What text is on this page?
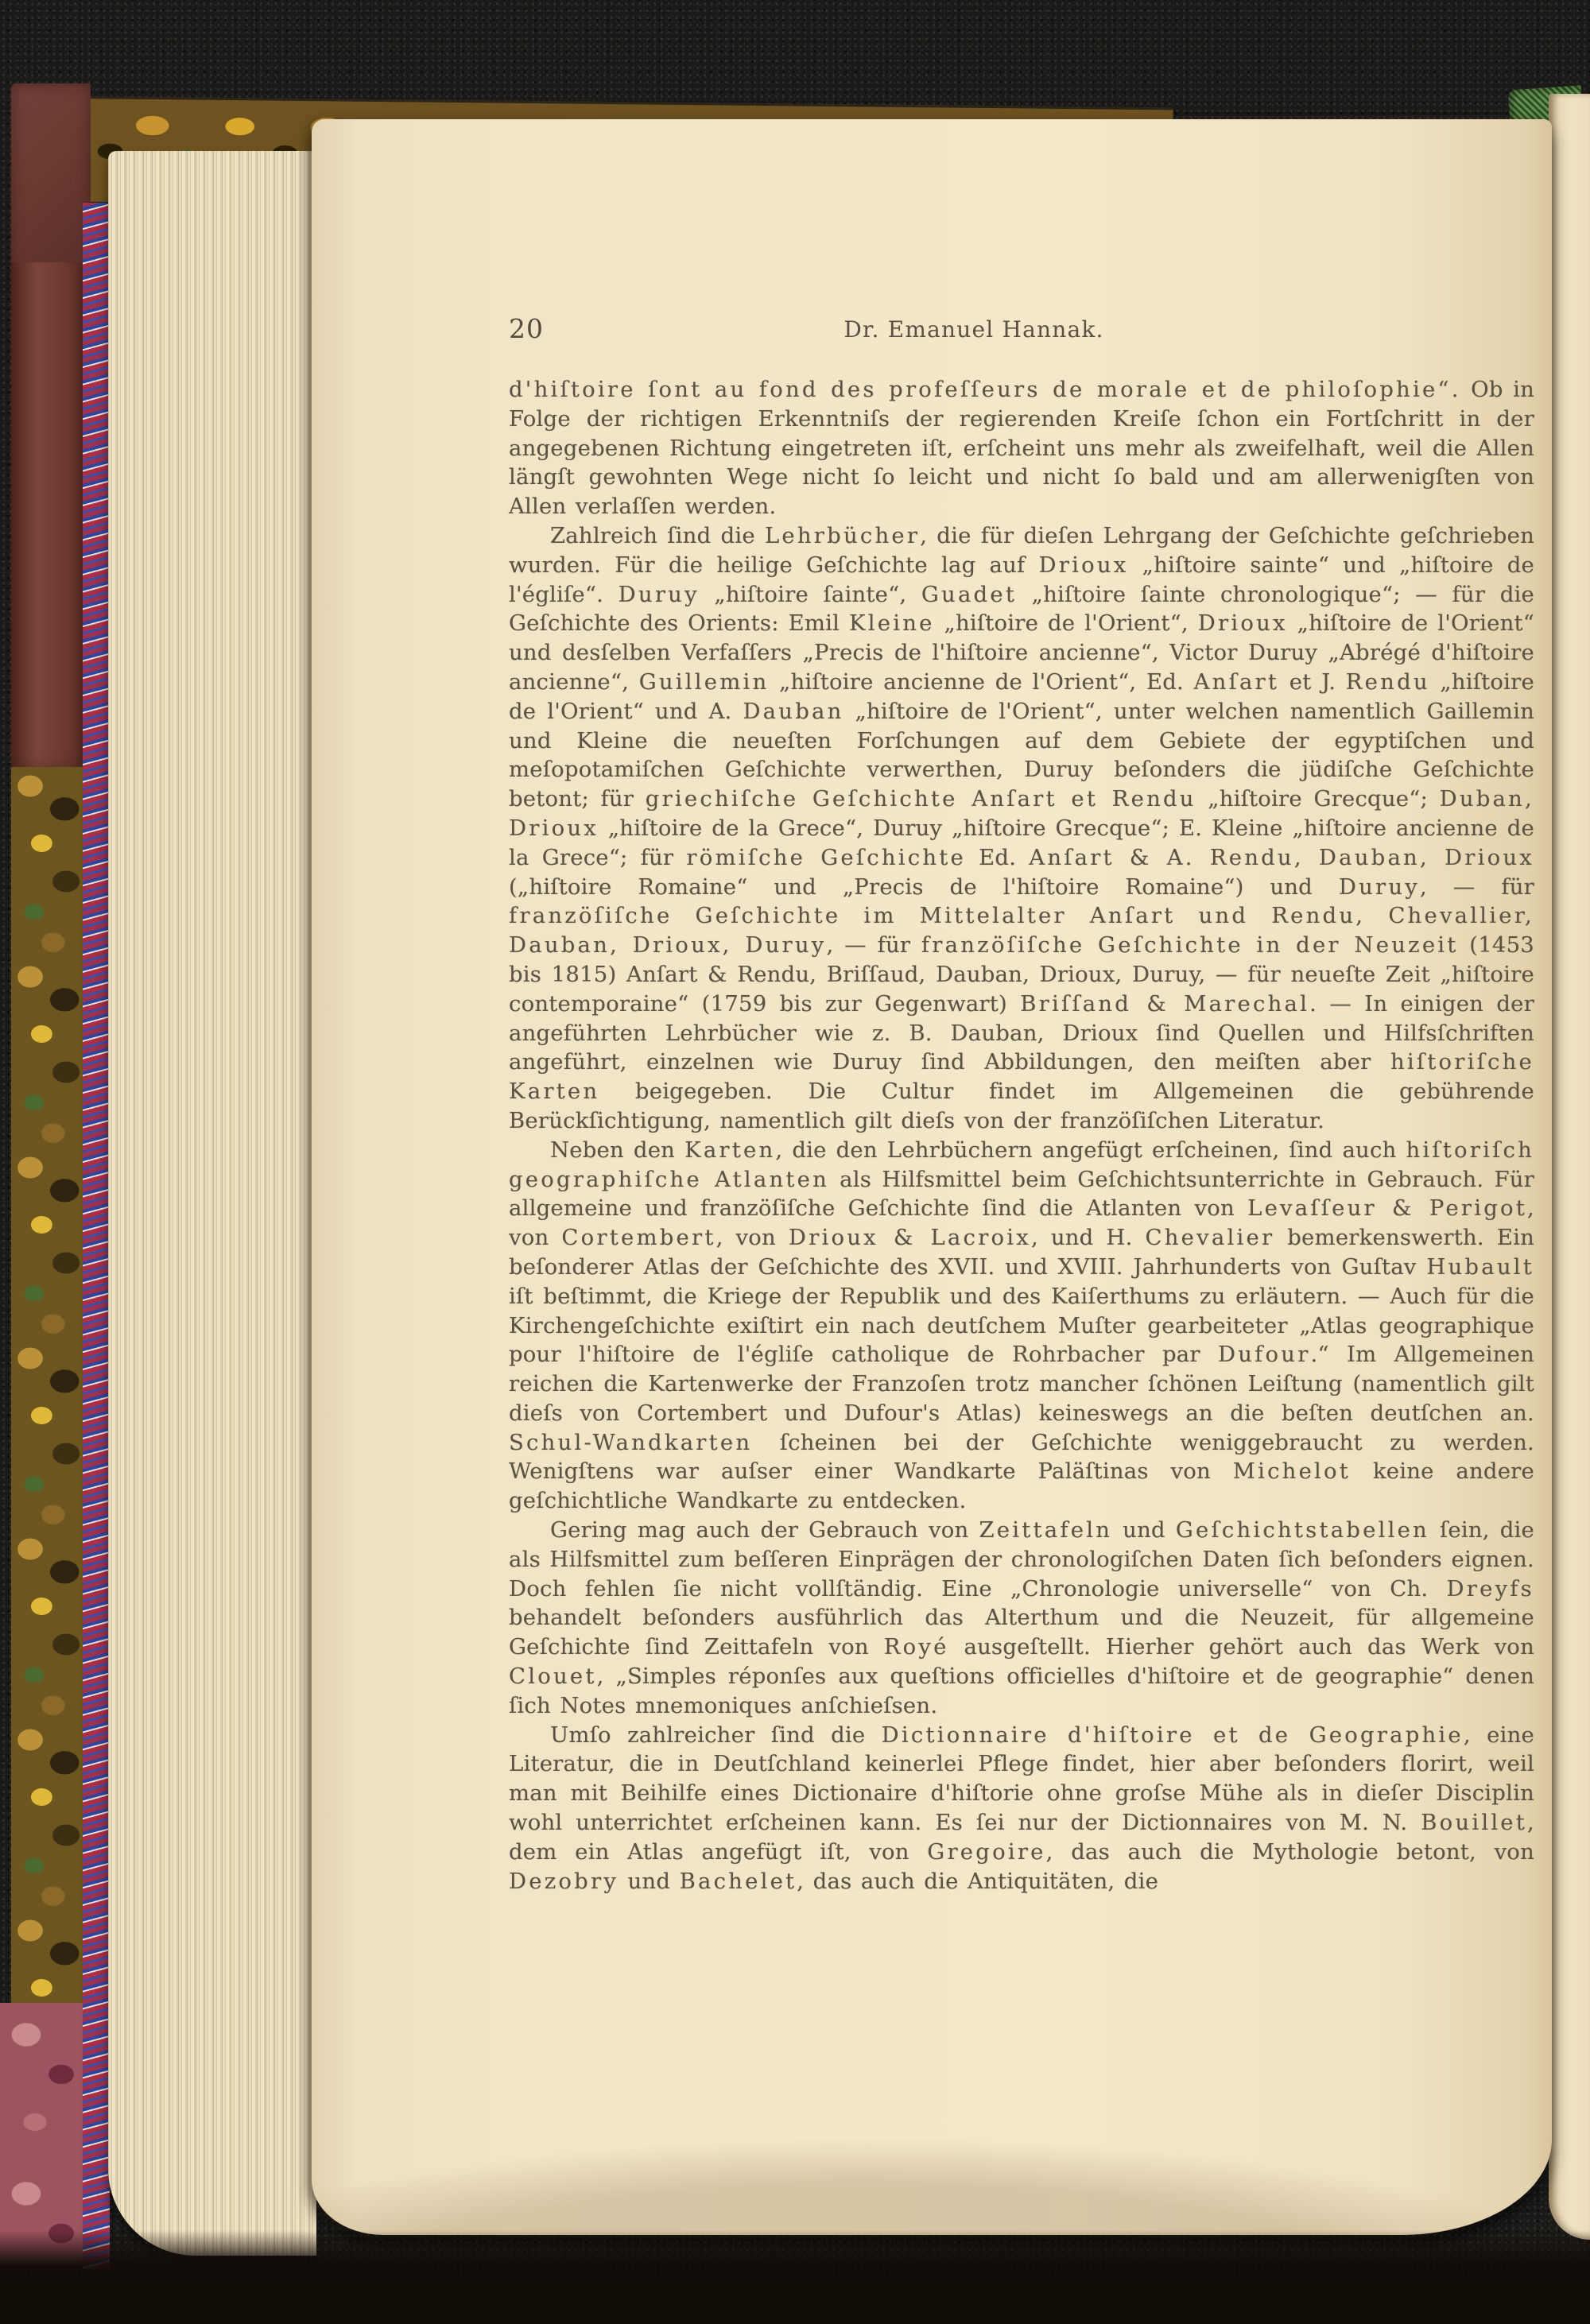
20	Dr. Emanuel Hannak.

d'hiſtoire ſont au fond des profeſſeurs de morale et de philoſophie“. Ob in Folge der richtigen Erkenntniſs der regierenden Kreiſe ſchon ein Fortſchritt in der angegebenen Richtung eingetreten iſt, erſcheint uns mehr als zweifelhaft, weil die Allen längſt gewohnten Wege nicht ſo leicht und nicht ſo bald und am allerwenigſten von Allen verlaſſen werden.

Zahlreich ſind die Lehrbücher, die für dieſen Lehrgang der Geſchichte geſchrieben wurden. Für die heilige Geſchichte lag auf Drioux „hiſtoire sainte“ und „hiſtoire de l'égliſe“. Duruy „hiſtoire ſainte“, Guadet „hiſtoire ſainte chronologique“; — für die Geſchichte des Orients: Emil Kleine „hiſtoire de l'Orient“, Drioux „hiſtoire de l'Orient“ und desſelben Verfaſſers „Precis de l'hiſtoire ancienne“, Victor Duruy „Abrégé d'hiſtoire ancienne“, Guillemin „hiſtoire ancienne de l'Orient“, Ed. Anſart et J. Rendu „hiſtoire de l'Orient“ und A. Dauban „hiſtoire de l'Orient“, unter welchen namentlich Gaillemin und Kleine die neueſten Forſchungen auf dem Gebiete der egyptiſchen und meſopotamiſchen Geſchichte verwerthen, Duruy beſonders die jüdiſche Geſchichte betont; für griechiſche Geſchichte Anſart et Rendu „hiſtoire Grecque“; Duban, Drioux „hiſtoire de la Grece“, Duruy „hiſtoire Grecque“; E. Kleine „hiſtoire ancienne de la Grece“; für römiſche Geſchichte Ed. Anſart & A. Rendu, Dauban, Drioux („hiſtoire Romaine“ und „Precis de l'hiſtoire Romaine“) und Duruy, — für franzöſiſche Geſchichte im Mittelalter Anſart und Rendu, Chevallier, Dauban, Drioux, Duruy, — für franzöſiſche Geſchichte in der Neuzeit (1453 bis 1815) Anſart & Rendu, Briſſaud, Dauban, Drioux, Duruy, — für neueſte Zeit „hiſtoire contemporaine“ (1759 bis zur Gegenwart) Briſſand & Marechal. — In einigen der angeführten Lehrbücher wie z. B. Dauban, Drioux ſind Quellen und Hilfsſchriften angeführt, einzelnen wie Duruy ſind Abbildungen, den meiſten aber hiſtoriſche Karten beigegeben. Die Cultur findet im Allgemeinen die gebührende Berückſichtigung, namentlich gilt dieſs von der franzöſiſchen Literatur.

Neben den Karten, die den Lehrbüchern angefügt erſcheinen, ſind auch hiſtoriſch geographiſche Atlanten als Hilfsmittel beim Geſchichtsunterrichte in Gebrauch. Für allgemeine und franzöſiſche Geſchichte ſind die Atlanten von Levaſſeur & Perigot, von Cortembert, von Drioux & Lacroix, und H. Chevalier bemerkenswerth. Ein beſonderer Atlas der Geſchichte des XVII. und XVIII. Jahrhunderts von Guſtav Hubault iſt beſtimmt, die Kriege der Republik und des Kaiſerthums zu erläutern. — Auch für die Kirchengeſchichte exiſtirt ein nach deutſchem Muſter gearbeiteter „Atlas geographique pour l'hiſtoire de l'égliſe catholique de Rohrbacher par Dufour.“ Im Allgemeinen reichen die Kartenwerke der Franzoſen trotz mancher ſchönen Leiſtung (namentlich gilt dieſs von Cortembert und Dufour's Atlas) keineswegs an die beſten deutſchen an. Schul-Wandkarten ſcheinen bei der Geſchichte weniggebraucht zu werden. Wenigſtens war auſser einer Wandkarte Paläſtinas von Michelot keine andere geſchichtliche Wandkarte zu entdecken.

Gering mag auch der Gebrauch von Zeittafeln und Geſchichtstabellen ſein, die als Hilfsmittel zum beſſeren Einprägen der chronologiſchen Daten ſich beſonders eignen. Doch fehlen ſie nicht vollſtändig. Eine „Chronologie universelle“ von Ch. Dreyfs behandelt beſonders ausführlich das Alterthum und die Neuzeit, für allgemeine Geſchichte ſind Zeittafeln von Royé ausgeſtellt. Hierher gehört auch das Werk von Clouet, „Simples réponſes aux queſtions officielles d'hiſtoire et de geographie“ denen ſich Notes mnemoniques anſchieſsen.

Umſo zahlreicher ſind die Dictionnaire d'hiſtoire et de Geographie, eine Literatur, die in Deutſchland keinerlei Pflege findet, hier aber beſonders florirt, weil man mit Beihilfe eines Dictionaire d'hiſtorie ohne groſse Mühe als in dieſer Disciplin wohl unterrichtet erſcheinen kann. Es ſei nur der Dictionnaires von M. N. Bouillet, dem ein Atlas angefügt iſt, von Gregoire, das auch die Mythologie betont, von Dezobry und Bachelet, das auch die Antiquitäten, die
